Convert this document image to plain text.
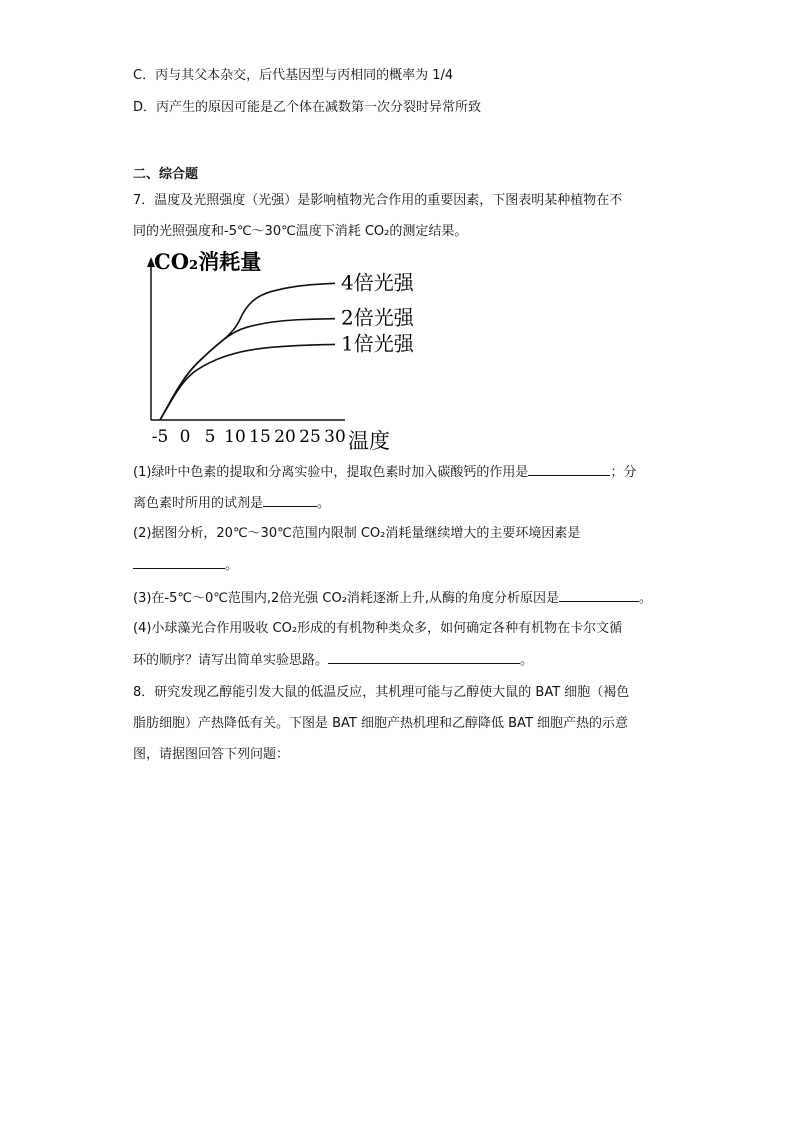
C．丙与其父本杂交，后代基因型与丙相同的概率为 1/4
D．丙产生的原因可能是乙个体在减数第一次分裂时异常所致
二、综合题
7．温度及光照强度（光强）是影响植物光合作用的重要因素，下图表明某种植物在不
同的光照强度和-5℃～30℃温度下消耗 CO₂的测定结果。
CO₂消耗量
温度
-5 0 5 10 15 20 25 30
4倍光强
2倍光强
1倍光强
(1)绿叶中色素的提取和分离实验中，提取色素时加入碳酸钙的作用是	；分
离色素时所用的试剂是	。
(2)据图分析，20℃～30℃范围内限制 CO₂消耗量继续增大的主要环境因素是
。
(3)在-5℃～0℃范围内,2倍光强 CO₂消耗逐渐上升,从酶的角度分析原因是	。
(4)小球藻光合作用吸收 CO₂形成的有机物种类众多，如何确定各种有机物在卡尔文循
环的顺序？请写出简单实验思路。	。
8．研究发现乙醇能引发大鼠的低温反应，其机理可能与乙醇使大鼠的 BAT 细胞（褐色
脂肪细胞）产热降低有关。下图是 BAT 细胞产热机理和乙醇降低 BAT 细胞产热的示意
图，请据图回答下列问题：
